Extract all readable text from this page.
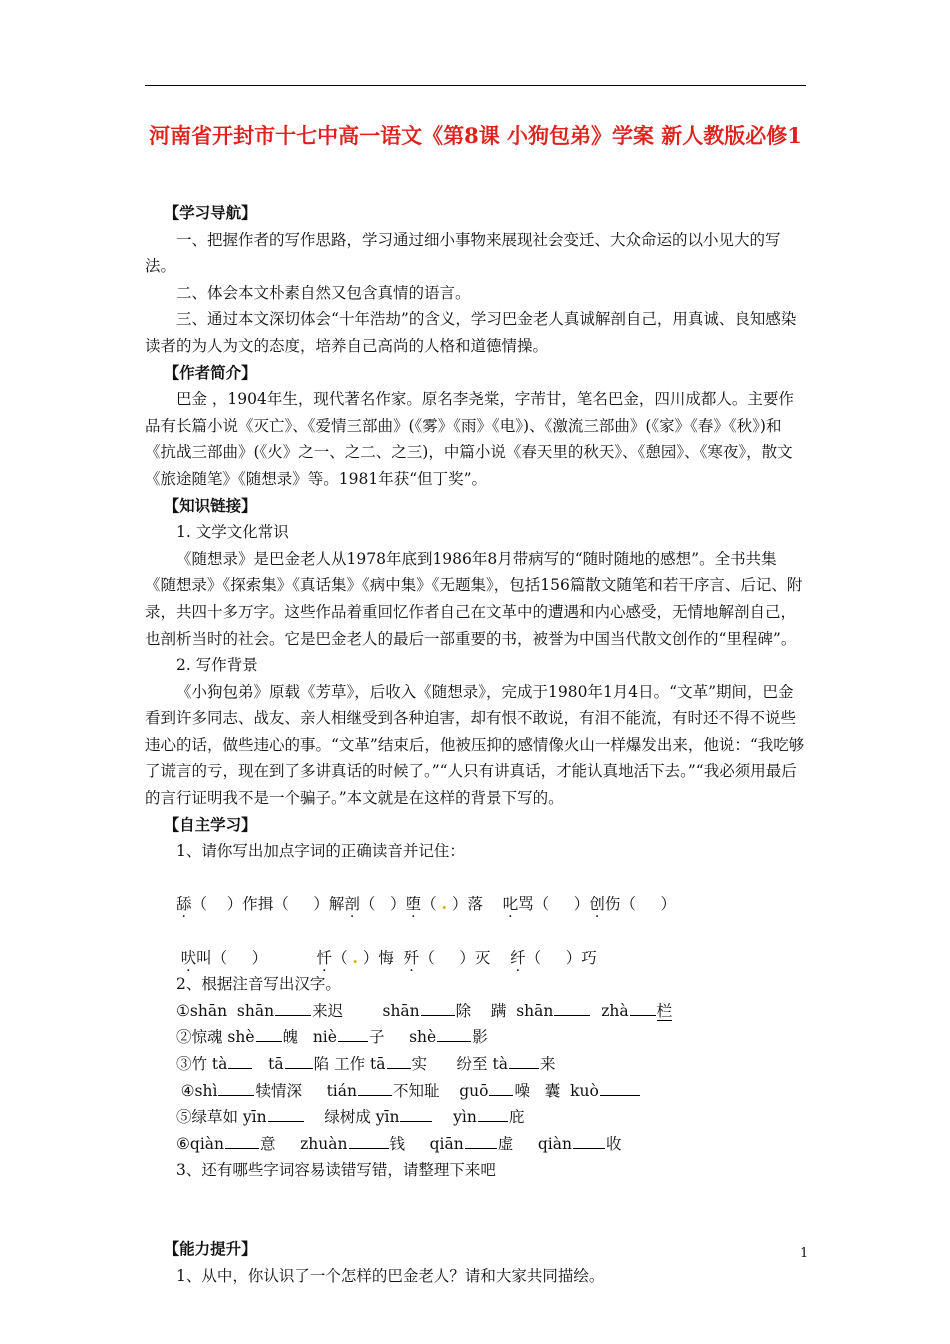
河南省开封市十七中高一语文《第8课 小狗包弟》学案 新人教版必修1

【学习导航】

一、把握作者的写作思路，学习通过细小事物来展现社会变迁、大众命运的以小见大的写法。

二、体会本文朴素自然又包含真情的语言。

三、通过本文深切体会“十年浩劫”的含义，学习巴金老人真诚解剖自己，用真诚、良知感染读者的为人为文的态度，培养自己高尚的人格和道德情操。

【作者简介】

巴金 ，1904年生，现代著名作家。原名李尧棠，字芾甘，笔名巴金，四川成都人。主要作品有长篇小说《灭亡》、《爱情三部曲》(《雾》《雨》《电》)、《激流三部曲》(《家》《春》《秋》)和《抗战三部曲》(《火》之一、之二、之三)，中篇小说《春天里的秋天》、《憩园》、《寒夜》，散文《旅途随笔》《随想录》等。1981年获“但丁奖”。

【知识链接】

1. 文学文化常识

《随想录》是巴金老人从1978年底到1986年8月带病写的“随时随地的感想”。全书共集《随想录》《探索集》《真话集》《病中集》《无题集》，包括156篇散文随笔和若干序言、后记、附录，共四十多万字。这些作品着重回忆作者自己在文革中的遭遇和内心感受，无情地解剖自己，也剖析当时的社会。它是巴金老人的最后一部重要的书，被誉为中国当代散文创作的“里程碑”。

2. 写作背景

《小狗包弟》原载《芳草》，后收入《随想录》，完成于1980年1月4日。“文革”期间，巴金看到许多同志、战友、亲人相继受到各种迫害，却有恨不敢说，有泪不能流，有时还不得不说些违心的话，做些违心的事。“文革”结束后，他被压抑的感情像火山一样爆发出来，他说：“我吃够了谎言的亏，现在到了多讲真话的时候了。”“人只有讲真话，才能认真地活下去。”“我必须用最后的言行证明我不是一个骗子。”本文就是在这样的背景下写的。

【自主学习】

1、请你写出加点字词的正确读音并记住：

舔（    ）作揖（     ）解剖（   ）堕（ . ）落    叱骂（     ）创伤（     ）

吠叫（     ）          忏（ . ）悔  歼（     ）灭    纤（     ）巧

2、根据注音写出汉字。

①shān  shān 来迟        shān 除    蹒  shān  zhà 栏

②惊魂 shè 魄   niè 子     shè 影

③竹 tà   tā 陷 工作 tā 实      纷至 tà 来

④shì 犊情深     tián 不知耻    guō 噪   囊  kuò

⑤绿草如 yīn    绿树成 yīn    yìn 庇

⑥qiàn 意     zhuàn	钱     qiān 虚     qiàn 收

3、还有哪些字词容易读错写错，请整理下来吧

【能力提升】

1、从中，你认识了一个怎样的巴金老人？请和大家共同描绘。

1
